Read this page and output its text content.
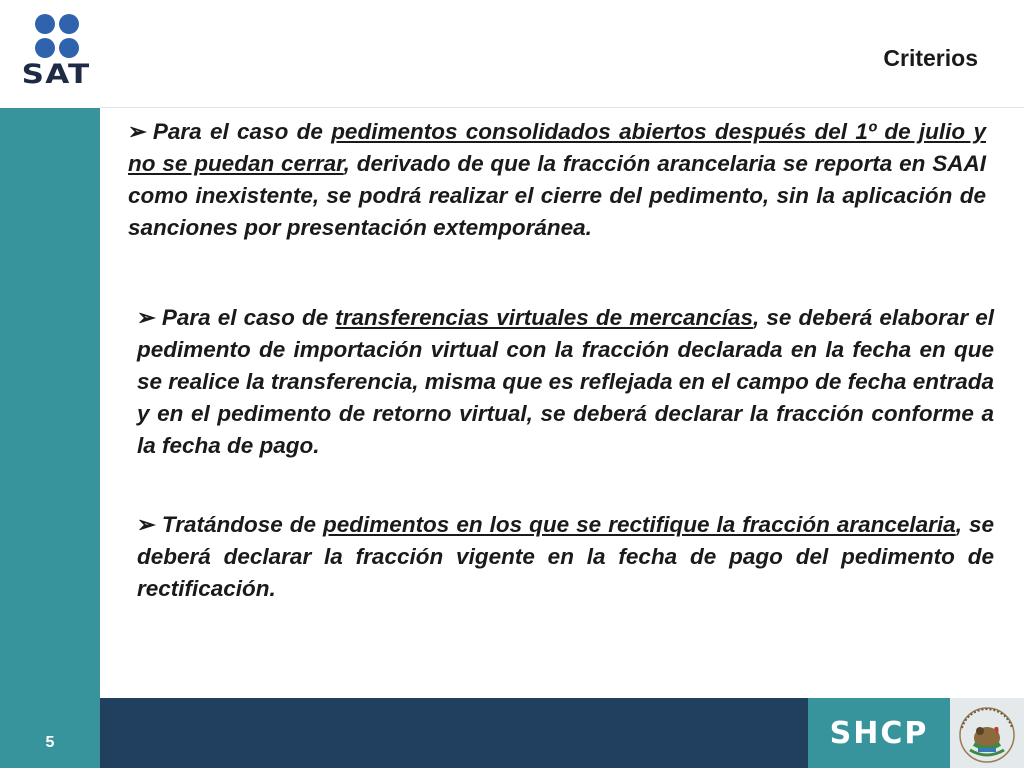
SAT
Criterios
5

➢ Para el caso de pedimentos consolidados abiertos después del 1º de julio y no se puedan cerrar, derivado de que la fracción arancelaria se reporta en SAAI como inexistente, se podrá realizar el cierre del pedimento, sin la aplicación de sanciones por presentación extemporánea.

➢ Para el caso de transferencias virtuales de mercancías, se deberá elaborar el pedimento de importación virtual con la fracción declarada en la fecha en que se realice la transferencia, misma que es reflejada en el campo de fecha entrada y en el pedimento de retorno virtual, se deberá declarar la fracción conforme a la fecha de pago.

➢ Tratándose de pedimentos en los que se rectifique la fracción arancelaria, se deberá declarar la fracción vigente en la fecha de pago del pedimento de rectificación.

SHCP
